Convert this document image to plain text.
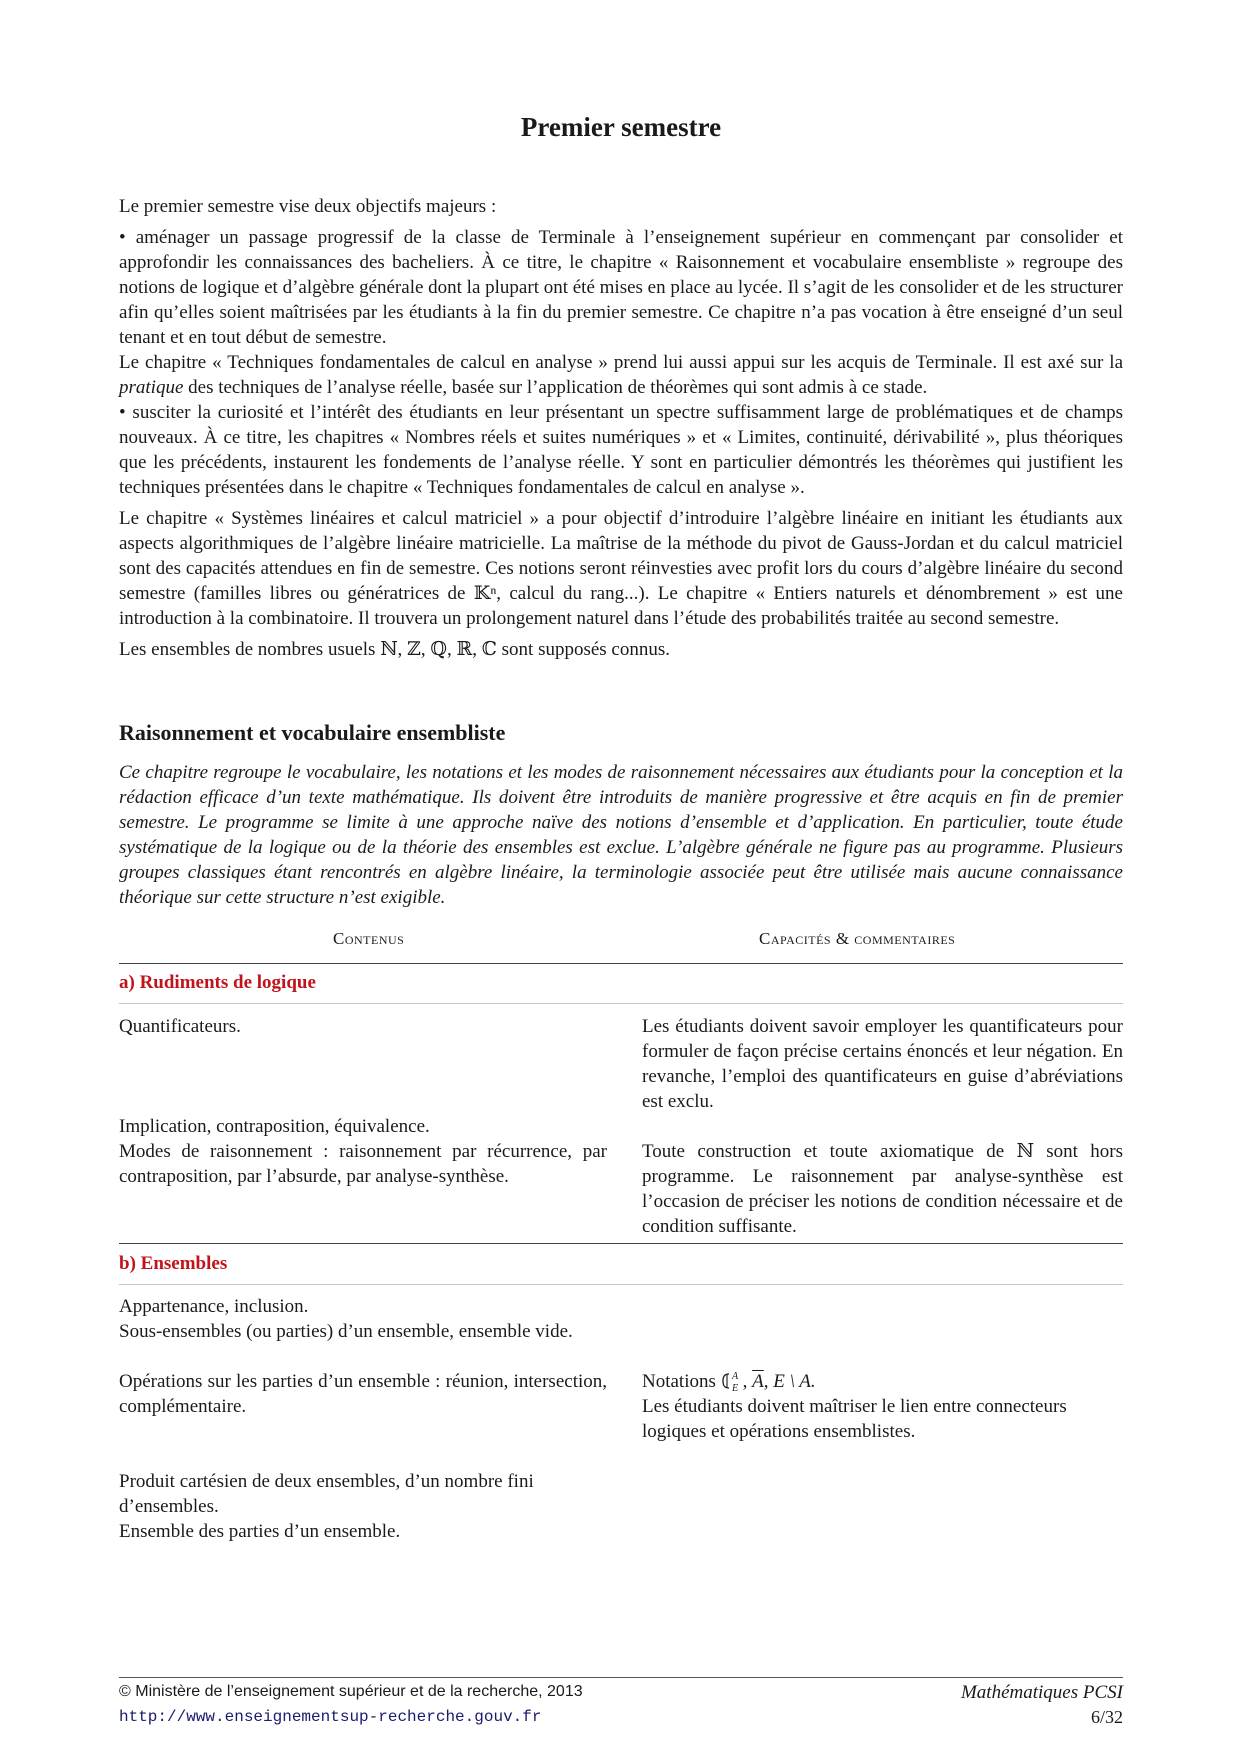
Premier semestre

Le premier semestre vise deux objectifs majeurs :

• aménager un passage progressif de la classe de Terminale à l’enseignement supérieur en commençant par consolider et approfondir les connaissances des bacheliers. À ce titre, le chapitre « Raisonnement et vocabulaire ensembliste » regroupe des notions de logique et d’algèbre générale dont la plupart ont été mises en place au lycée. Il s’agit de les consolider et de les structurer afin qu’elles soient maîtrisées par les étudiants à la fin du premier semestre. Ce chapitre n’a pas vocation à être enseigné d’un seul tenant et en tout début de semestre.

Le chapitre « Techniques fondamentales de calcul en analyse » prend lui aussi appui sur les acquis de Terminale. Il est axé sur la pratique des techniques de l’analyse réelle, basée sur l’application de théorèmes qui sont admis à ce stade.

• susciter la curiosité et l’intérêt des étudiants en leur présentant un spectre suffisamment large de problématiques et de champs nouveaux. À ce titre, les chapitres « Nombres réels et suites numériques » et « Limites, continuité, dérivabilité », plus théoriques que les précédents, instaurent les fondements de l’analyse réelle. Y sont en particulier démontrés les théorèmes qui justifient les techniques présentées dans le chapitre « Techniques fondamentales de calcul en analyse ».

Le chapitre « Systèmes linéaires et calcul matriciel » a pour objectif d’introduire l’algèbre linéaire en initiant les étudiants aux aspects algorithmiques de l’algèbre linéaire matricielle. La maîtrise de la méthode du pivot de Gauss-Jordan et du calcul matriciel sont des capacités attendues en fin de semestre. Ces notions seront réinvesties avec profit lors du cours d’algèbre linéaire du second semestre (familles libres ou génératrices de 𝕂ⁿ, calcul du rang...). Le chapitre « Entiers naturels et dénombrement » est une introduction à la combinatoire. Il trouvera un prolongement naturel dans l’étude des probabilités traitée au second semestre.

Les ensembles de nombres usuels ℕ, ℤ, ℚ, ℝ, ℂ sont supposés connus.

Raisonnement et vocabulaire ensembliste

Ce chapitre regroupe le vocabulaire, les notations et les modes de raisonnement nécessaires aux étudiants pour la conception et la rédaction efficace d’un texte mathématique. Ils doivent être introduits de manière progressive et être acquis en fin de premier semestre. Le programme se limite à une approche naïve des notions d’ensemble et d’application. En particulier, toute étude systématique de la logique ou de la théorie des ensembles est exclue. L’algèbre générale ne figure pas au programme. Plusieurs groupes classiques étant rencontrés en algèbre linéaire, la terminologie associée peut être utilisée mais aucune connaissance théorique sur cette structure n’est exigible.

Contenus	Capacités & commentaires
a) Rudiments de logique

Quantificateurs.	Les étudiants doivent savoir employer les quantificateurs pour formuler de façon précise certains énoncés et leur négation. En revanche, l’emploi des quantificateurs en guise d’abréviations est exclu.

Implication, contraposition, équivalence.

Modes de raisonnement : raisonnement par récurrence, par contraposition, par l’absurde, par analyse-synthèse.

Toute construction et toute axiomatique de ℕ sont hors programme. Le raisonnement par analyse-synthèse est l’occasion de préciser les notions de condition nécessaire et de condition suffisante.

b) Ensembles

Appartenance, inclusion.

Sous-ensembles (ou parties) d’un ensemble, ensemble vide.

Opérations sur les parties d’un ensemble : réunion, intersection, complémentaire.

Notations A
E , $\overline{A}$, E \ A.

Les étudiants doivent maîtriser le lien entre connecteurs logiques et opérations ensemblistes.

Produit cartésien de deux ensembles, d’un nombre fini d’ensembles.

Ensemble des parties d’un ensemble.

© Ministère de l’enseignement supérieur et de la recherche, 2013
http://www.enseignementsup-recherche.gouv.fr
Mathématiques PCSI
6/32
